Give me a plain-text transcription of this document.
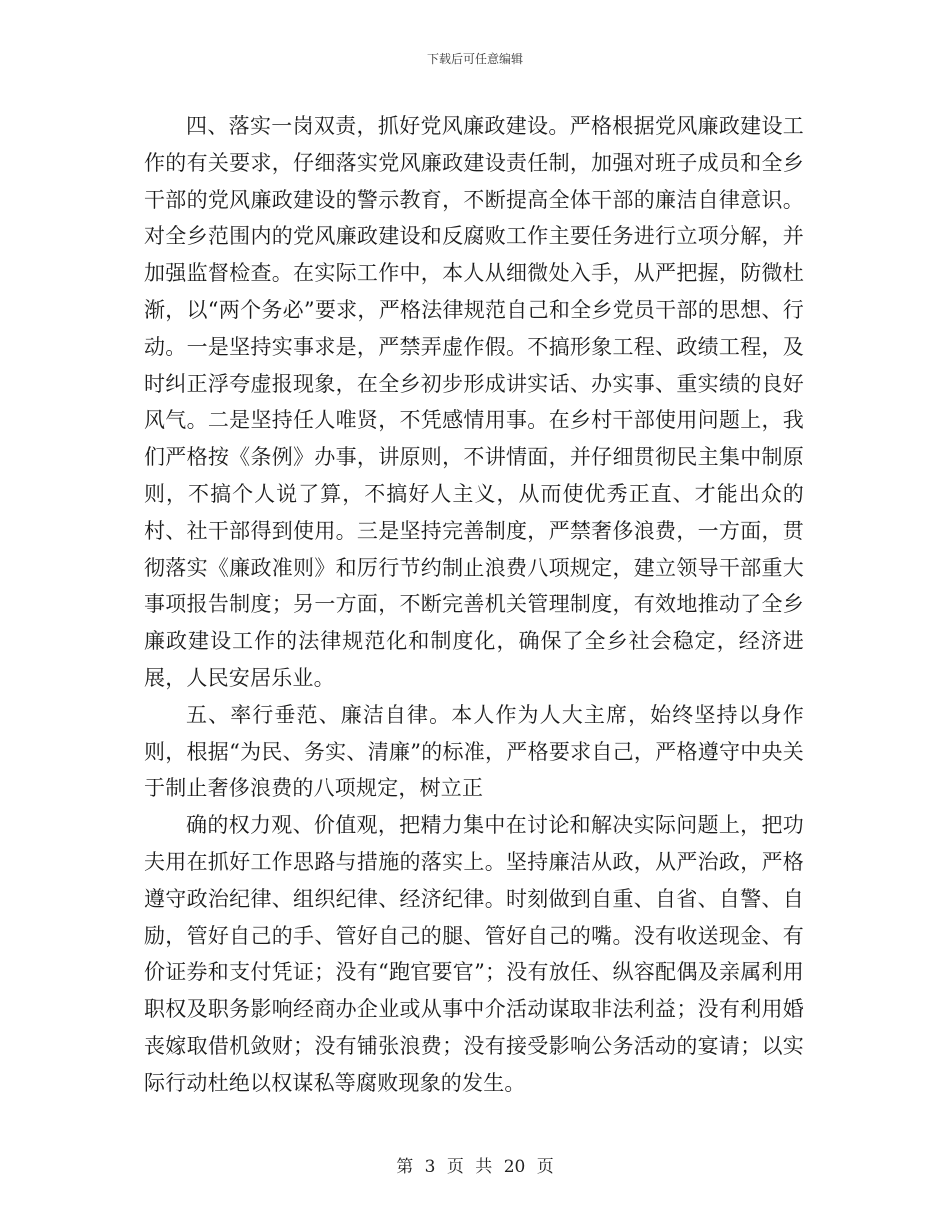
下载后可任意编辑

四、落实一岗双责，抓好党风廉政建设。严格根据党风廉政建设工作的有关要求，仔细落实党风廉政建设责任制，加强对班子成员和全乡干部的党风廉政建设的警示教育，不断提高全体干部的廉洁自律意识。对全乡范围内的党风廉政建设和反腐败工作主要任务进行立项分解，并加强监督检查。在实际工作中，本人从细微处入手，从严把握，防微杜渐，以“两个务必”要求，严格法律规范自己和全乡党员干部的思想、行动。一是坚持实事求是，严禁弄虚作假。不搞形象工程、政绩工程，及时纠正浮夸虚报现象，在全乡初步形成讲实话、办实事、重实绩的良好风气。二是坚持任人唯贤，不凭感情用事。在乡村干部使用问题上，我们严格按《条例》办事，讲原则，不讲情面，并仔细贯彻民主集中制原则，不搞个人说了算，不搞好人主义，从而使优秀正直、才能出众的村、社干部得到使用。三是坚持完善制度，严禁奢侈浪费，一方面，贯彻落实《廉政准则》和厉行节约制止浪费八项规定，建立领导干部重大事项报告制度；另一方面，不断完善机关管理制度，有效地推动了全乡廉政建设工作的法律规范化和制度化，确保了全乡社会稳定，经济进展，人民安居乐业。

五、率行垂范、廉洁自律。本人作为人大主席，始终坚持以身作则，根据“为民、务实、清廉”的标准，严格要求自己，严格遵守中央关于制止奢侈浪费的八项规定，树立正

确的权力观、价值观，把精力集中在讨论和解决实际问题上，把功夫用在抓好工作思路与措施的落实上。坚持廉洁从政，从严治政，严格遵守政治纪律、组织纪律、经济纪律。时刻做到自重、自省、自警、自励，管好自己的手、管好自己的腿、管好自己的嘴。没有收送现金、有价证券和支付凭证；没有“跑官要官”；没有放任、纵容配偶及亲属利用职权及职务影响经商办企业或从事中介活动谋取非法利益；没有利用婚丧嫁取借机敛财；没有铺张浪费；没有接受影响公务活动的宴请；以实际行动杜绝以权谋私等腐败现象的发生。

第 3 页 共 20 页
